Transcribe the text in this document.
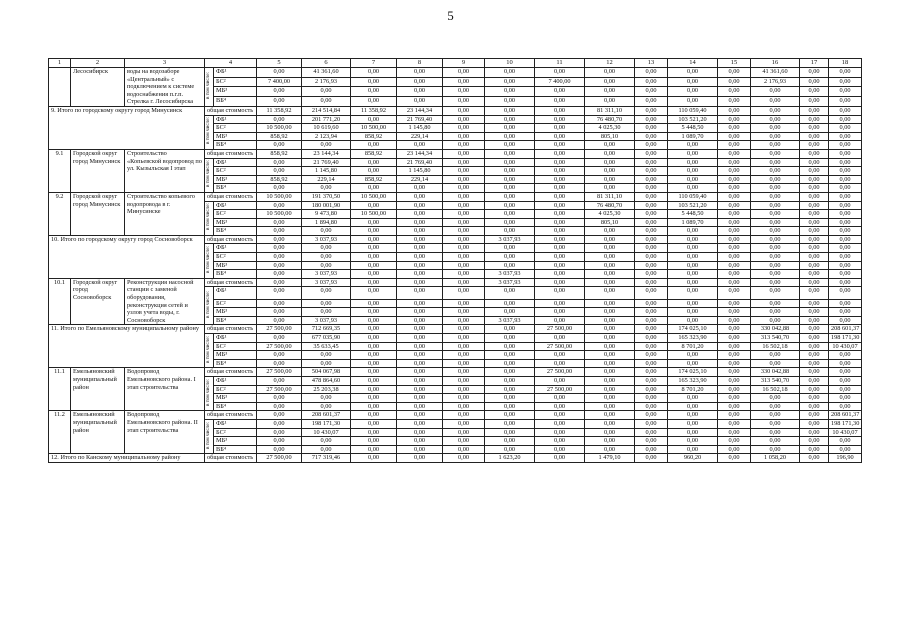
5
1	2	3	4		5	6	7	8	9	10	11	12	13	14	15	16	17	18
	Лесосибирск	воды на водозаборе «Центральный» с подключением к системе водоснабжения п.г.п. Стрелка г. Лесосибирска	в том числе:	ФБ¹	0,00	41 361,60	0,00	0,00	0,00	0,00	0,00	0,00	0,00	0,00	0,00	41 361,60	0,00	0,00
				БС²	7 400,00	2 176,93	0,00	0,00	0,00	0,00	7 400,00	0,00	0,00	0,00	0,00	2 176,93	0,00	0,00
				МБ³	0,00	0,00	0,00	0,00	0,00	0,00	0,00	0,00	0,00	0,00	0,00	0,00	0,00	0,00
				ВБ⁴	0,00	0,00	0,00	0,00	0,00	0,00	0,00	0,00	0,00	0,00	0,00	0,00	0,00	0,00
9. Итого по городскому округу город Минусинск			общая стоимость		11 358,92	214 514,84	11 358,92	23 144,34	0,00	0,00	0,00	81 311,10	0,00	110 059,40	0,00	0,00	0,00	0,00
			в том числе:	ФБ¹	0,00	201 771,20	0,00	21 769,40	0,00	0,00	0,00	76 480,70	0,00	103 521,20	0,00	0,00	0,00	0,00
				БС²	10 500,00	10 619,60	10 500,00	1 145,80	0,00	0,00	0,00	4 025,30	0,00	5 448,50	0,00	0,00	0,00	0,00
				МБ³	858,92	2 123,94	858,92	229,14	0,00	0,00	0,00	805,10	0,00	1 089,70	0,00	0,00	0,00	0,00
				ВБ⁴	0,00	0,00	0,00	0,00	0,00	0,00	0,00	0,00	0,00	0,00	0,00	0,00	0,00	0,00
9.1	Городской округ город Минусинск	Строительство «Копьевской водопровод по ул. Кызыльская I этап	общая стоимость		858,92	23 144,34	858,92	23 144,34	0,00	0,00	0,00	0,00	0,00	0,00	0,00	0,00	0,00	0,00
			в том числе:	ФБ¹	0,00	21 769,40	0,00	21 769,40	0,00	0,00	0,00	0,00	0,00	0,00	0,00	0,00	0,00	0,00
				БС²	0,00	1 145,80	0,00	1 145,80	0,00	0,00	0,00	0,00	0,00	0,00	0,00	0,00	0,00	0,00
				МБ³	858,92	229,14	858,92	229,14	0,00	0,00	0,00	0,00	0,00	0,00	0,00	0,00	0,00	0,00
				ВБ⁴	0,00	0,00	0,00	0,00	0,00	0,00	0,00	0,00	0,00	0,00	0,00	0,00	0,00	0,00
9.2	Городской округ город Минусинск	Строительство копьевого водопровода в г. Минусинске	общая стоимость		10 500,00	191 370,50	10 500,00	0,00	0,00	0,00	0,00	81 311,10	0,00	110 059,40	0,00	0,00	0,00	0,00
			в том числе:	ФБ¹	0,00	180 001,90	0,00	0,00	0,00	0,00	0,00	76 480,70	0,00	103 521,20	0,00	0,00	0,00	0,00
				БС²	10 500,00	9 473,80	10 500,00	0,00	0,00	0,00	0,00	4 025,30	0,00	5 448,50	0,00	0,00	0,00	0,00
				МБ³	0,00	1 894,80	0,00	0,00	0,00	0,00	0,00	805,10	0,00	1 089,70	0,00	0,00	0,00	0,00
				ВБ⁴	0,00	0,00	0,00	0,00	0,00	0,00	0,00	0,00	0,00	0,00	0,00	0,00	0,00	0,00
10. Итого по городскому округу город Сосновоборск			общая стоимость		0,00	3 037,93	0,00	0,00	0,00	3 037,93	0,00	0,00	0,00	0,00	0,00	0,00	0,00	0,00
			в том числе:	ФБ¹	0,00	0,00	0,00	0,00	0,00	0,00	0,00	0,00	0,00	0,00	0,00	0,00	0,00	0,00
				БС²	0,00	0,00	0,00	0,00	0,00	0,00	0,00	0,00	0,00	0,00	0,00	0,00	0,00	0,00
				МБ³	0,00	0,00	0,00	0,00	0,00	0,00	0,00	0,00	0,00	0,00	0,00	0,00	0,00	0,00
				ВБ⁴	0,00	3 037,93	0,00	0,00	0,00	3 037,93	0,00	0,00	0,00	0,00	0,00	0,00	0,00	0,00
10.1	Городской округ город Сосновоборск	Реконструкция насосной станции с заменой оборудования, реконструкция сетей и узлов учета воды, г. Сосновоборск	общая стоимость		0,00	3 037,93	0,00	0,00	0,00	3 037,93	0,00	0,00	0,00	0,00	0,00	0,00	0,00	0,00
			в том числе:	ФБ¹	0,00	0,00	0,00	0,00	0,00	0,00	0,00	0,00	0,00	0,00	0,00	0,00	0,00	0,00
				БС²	0,00	0,00	0,00	0,00	0,00	0,00	0,00	0,00	0,00	0,00	0,00	0,00	0,00	0,00
				МБ³	0,00	0,00	0,00	0,00	0,00	0,00	0,00	0,00	0,00	0,00	0,00	0,00	0,00	0,00
				ВБ⁴	0,00	3 037,93	0,00	0,00	0,00	3 037,93	0,00	0,00	0,00	0,00	0,00	0,00	0,00	0,00
11. Итого по Емельяновскому муниципальному району			общая стоимость		27 500,00	712 669,35	0,00	0,00	0,00	0,00	27 500,00	0,00	0,00	174 025,10	0,00	330 042,88	0,00	208 601,37
			в том числе:	ФБ¹	0,00	677 035,90	0,00	0,00	0,00	0,00	0,00	0,00	0,00	165 323,90	0,00	313 540,70	0,00	198 171,30
				БС²	27 500,00	35 633,45	0,00	0,00	0,00	0,00	27 500,00	0,00	0,00	8 701,20	0,00	16 502,18	0,00	10 430,07
				МБ³	0,00	0,00	0,00	0,00	0,00	0,00	0,00	0,00	0,00	0,00	0,00	0,00	0,00	0,00
				ВБ⁴	0,00	0,00	0,00	0,00	0,00	0,00	0,00	0,00	0,00	0,00	0,00	0,00	0,00	0,00
11.1	Емельяновский муниципальный район	Водопровод Емельяновского района. I этап строительства	общая стоимость		27 500,00	504 067,98	0,00	0,00	0,00	0,00	27 500,00	0,00	0,00	174 025,10	0,00	330 042,88	0,00	0,00
			в том числе:	ФБ¹	0,00	478 864,60	0,00	0,00	0,00	0,00	0,00	0,00	0,00	165 323,90	0,00	313 540,70	0,00	0,00
				БС²	27 500,00	25 203,38	0,00	0,00	0,00	0,00	27 500,00	0,00	0,00	8 701,20	0,00	16 502,18	0,00	0,00
				МБ³	0,00	0,00	0,00	0,00	0,00	0,00	0,00	0,00	0,00	0,00	0,00	0,00	0,00	0,00
				ВБ⁴	0,00	0,00	0,00	0,00	0,00	0,00	0,00	0,00	0,00	0,00	0,00	0,00	0,00	0,00
11.2	Емельяновский муниципальный район	Водопровод Емельяновского района. II этап строительства	общая стоимость		0,00	208 601,37	0,00	0,00	0,00	0,00	0,00	0,00	0,00	0,00	0,00	0,00	0,00	208 601,37
			в том числе:	ФБ¹	0,00	198 171,30	0,00	0,00	0,00	0,00	0,00	0,00	0,00	0,00	0,00	0,00	0,00	198 171,30
				БС²	0,00	10 430,07	0,00	0,00	0,00	0,00	0,00	0,00	0,00	0,00	0,00	0,00	0,00	10 430,07
				МБ³	0,00	0,00	0,00	0,00	0,00	0,00	0,00	0,00	0,00	0,00	0,00	0,00	0,00	0,00
				ВБ⁴	0,00	0,00	0,00	0,00	0,00	0,00	0,00	0,00	0,00	0,00	0,00	0,00	0,00	0,00
12. Итого по Канскому муниципальному району			общая стоимость		27 500,00	717 319,46	0,00	0,00	0,00	1 623,20	0,00	1 479,10	0,00	960,20	0,00	1 058,20	0,00	196,90
